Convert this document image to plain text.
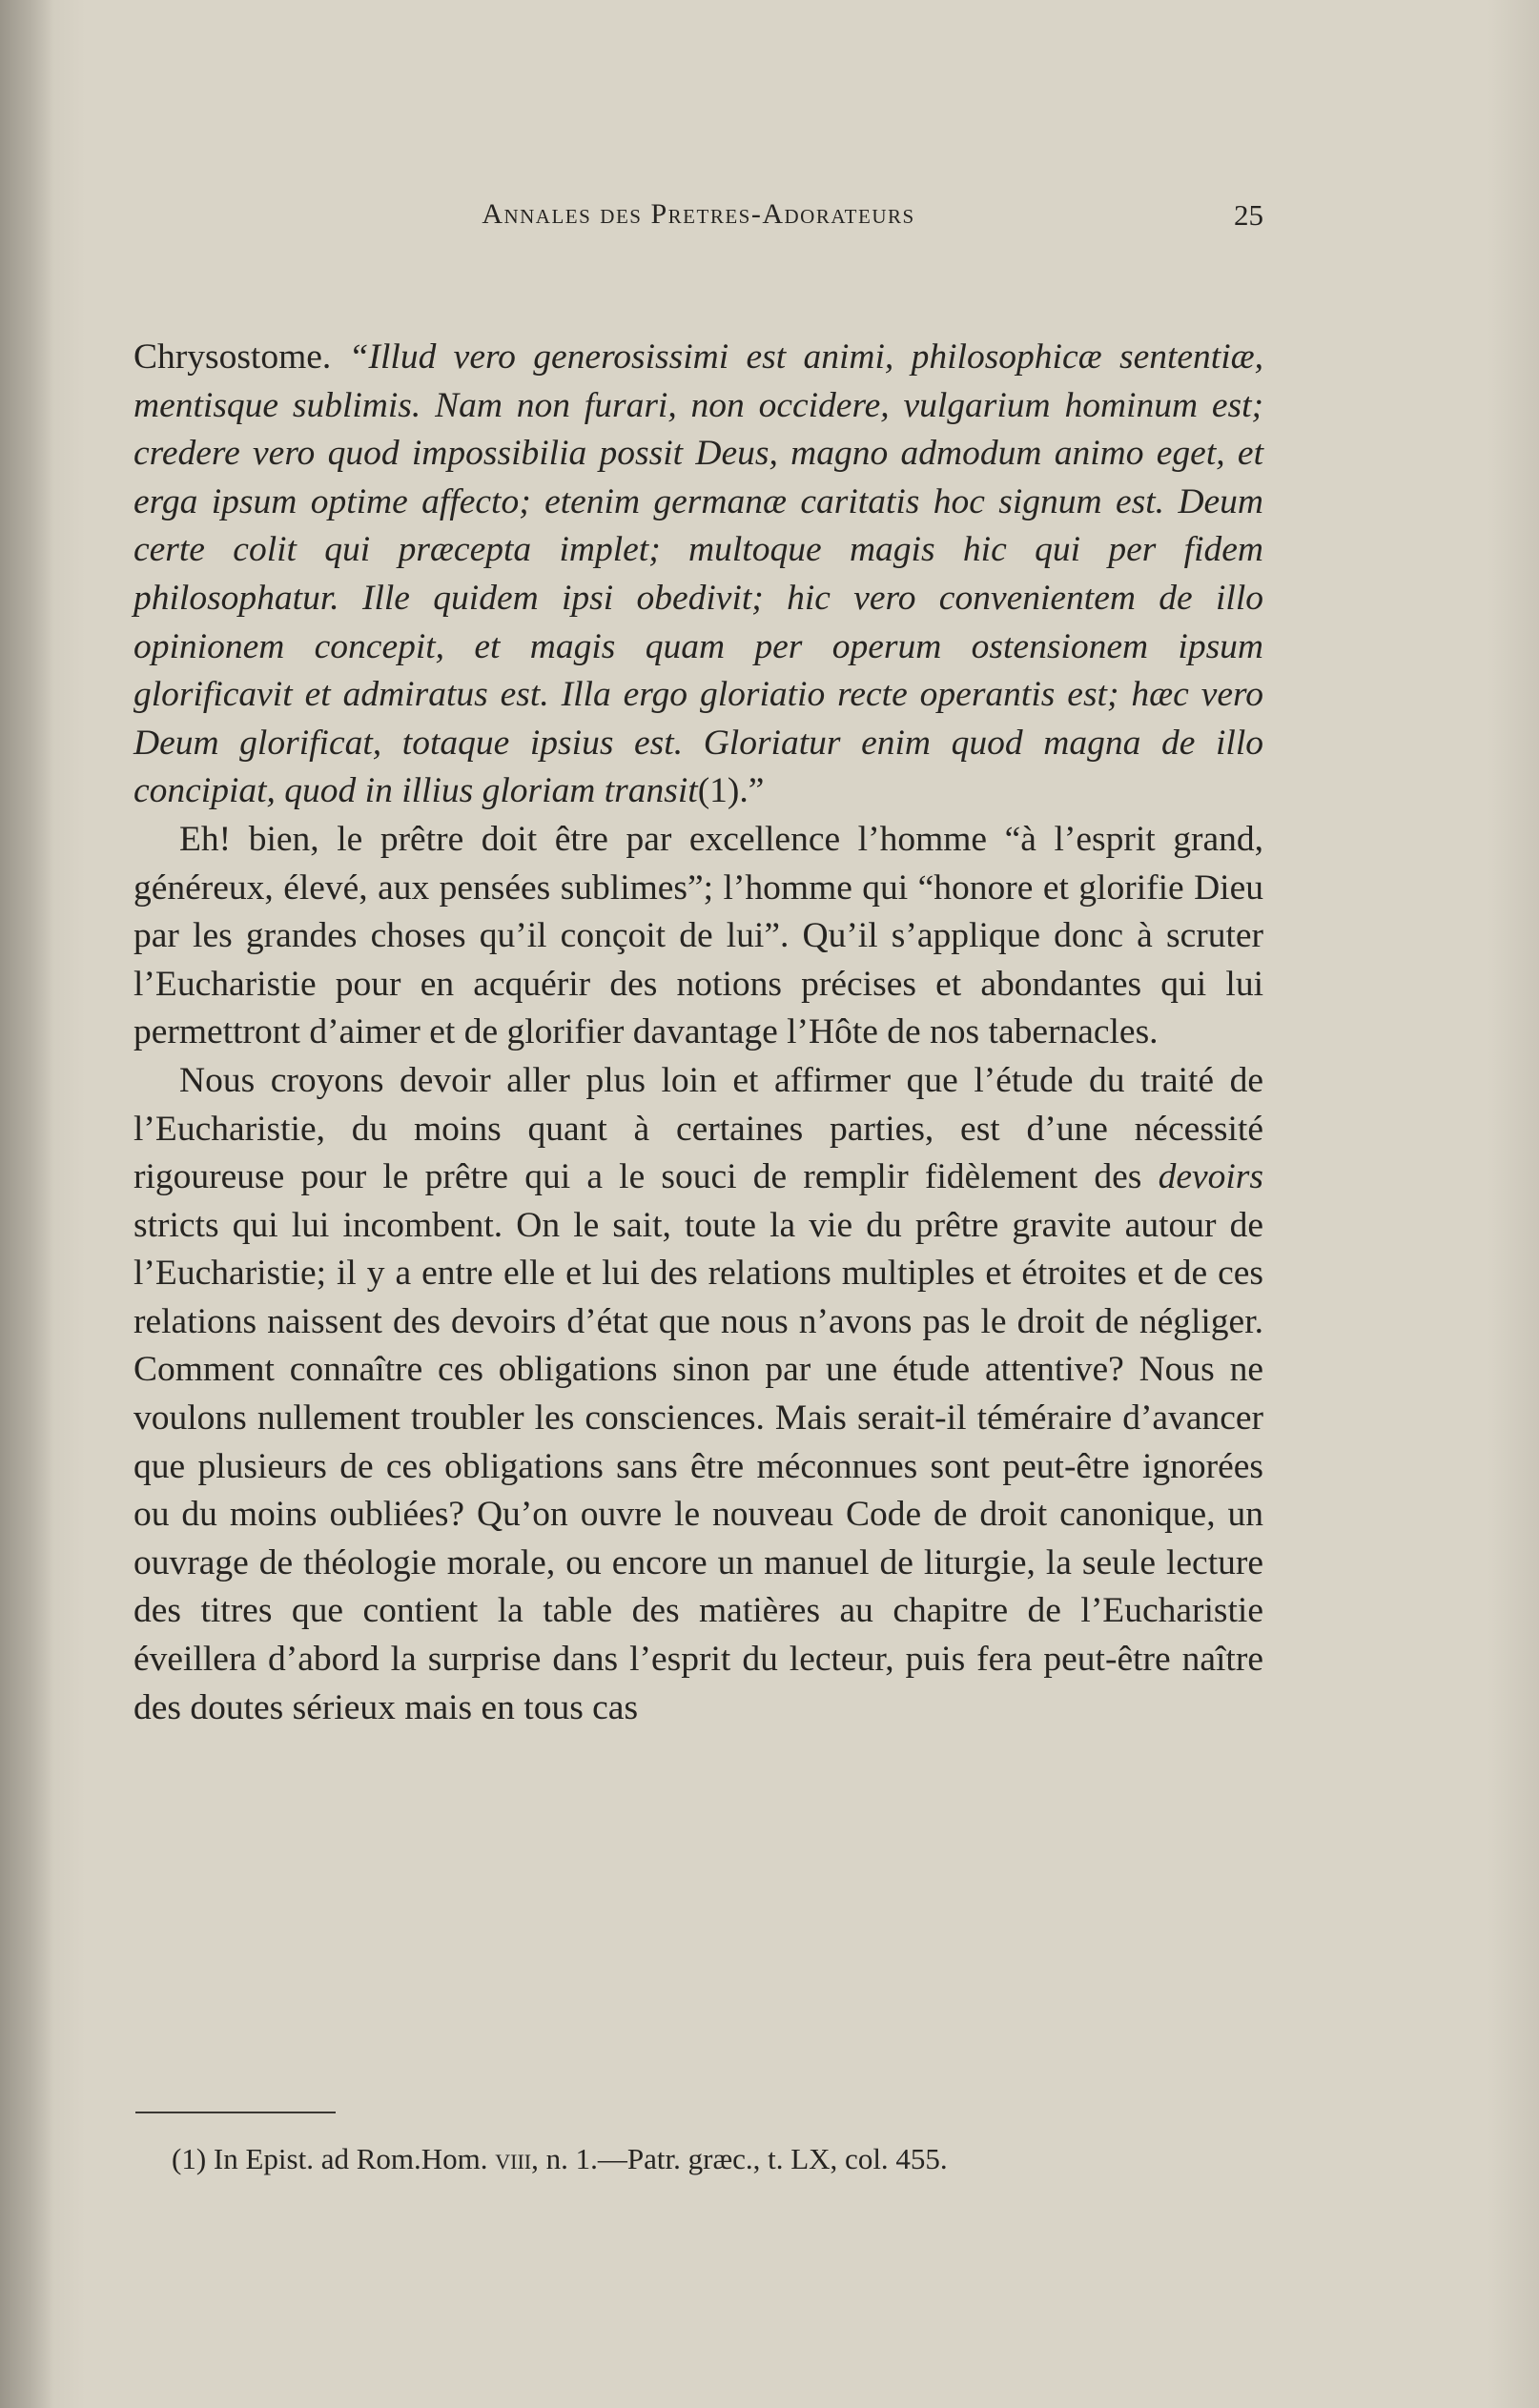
Annales des Pretres-Adorateurs	25

Chrysostome. “Illud vero generosissimi est animi, philosophicæ sententiæ, mentisque sublimis. Nam non furari, non occidere, vulgarium hominum est; credere vero quod impossibilia possit Deus, magno admodum animo eget, et erga ipsum optime affecto; etenim germanæ caritatis hoc signum est. Deum certe colit qui præcepta implet; multoque magis hic qui per fidem philosophatur. Ille quidem ipsi obedivit; hic vero convenientem de illo opinionem concepit, et magis quam per operum ostensionem ipsum glorificavit et admiratus est. Illa ergo gloriatio recte operantis est; hæc vero Deum glorificat, totaque ipsius est. Gloriatur enim quod magna de illo concipiat, quod in illius gloriam transit(1).”

Eh! bien, le prêtre doit être par excellence l’homme “à l’esprit grand, généreux, élevé, aux pensées sublimes”; l’homme qui “honore et glorifie Dieu par les grandes choses qu’il conçoit de lui”. Qu’il s’applique donc à scruter l’Eucharistie pour en acquérir des notions précises et abondantes qui lui permettront d’aimer et de glorifier davantage l’Hôte de nos tabernacles.

Nous croyons devoir aller plus loin et affirmer que l’étude du traité de l’Eucharistie, du moins quant à certaines parties, est d’une nécessité rigoureuse pour le prêtre qui a le souci de remplir fidèlement des devoirs stricts qui lui incombent. On le sait, toute la vie du prêtre gravite autour de l’Eucharistie; il y a entre elle et lui des relations multiples et étroites et de ces relations naissent des devoirs d’état que nous n’avons pas le droit de négliger. Comment connaître ces obligations sinon par une étude attentive? Nous ne voulons nullement troubler les consciences. Mais serait-il téméraire d’avancer que plusieurs de ces obligations sans être méconnues sont peut-être ignorées ou du moins oubliées? Qu’on ouvre le nouveau Code de droit canonique, un ouvrage de théologie morale, ou encore un manuel de liturgie, la seule lecture des titres que contient la table des matières au chapitre de l’Eucharistie éveillera d’abord la surprise dans l’esprit du lecteur, puis fera peut-être naître des doutes sérieux mais en tous cas

(1) In Epist. ad Rom.Hom. viii, n. 1.—Patr. græc., t. LX, col. 455.
